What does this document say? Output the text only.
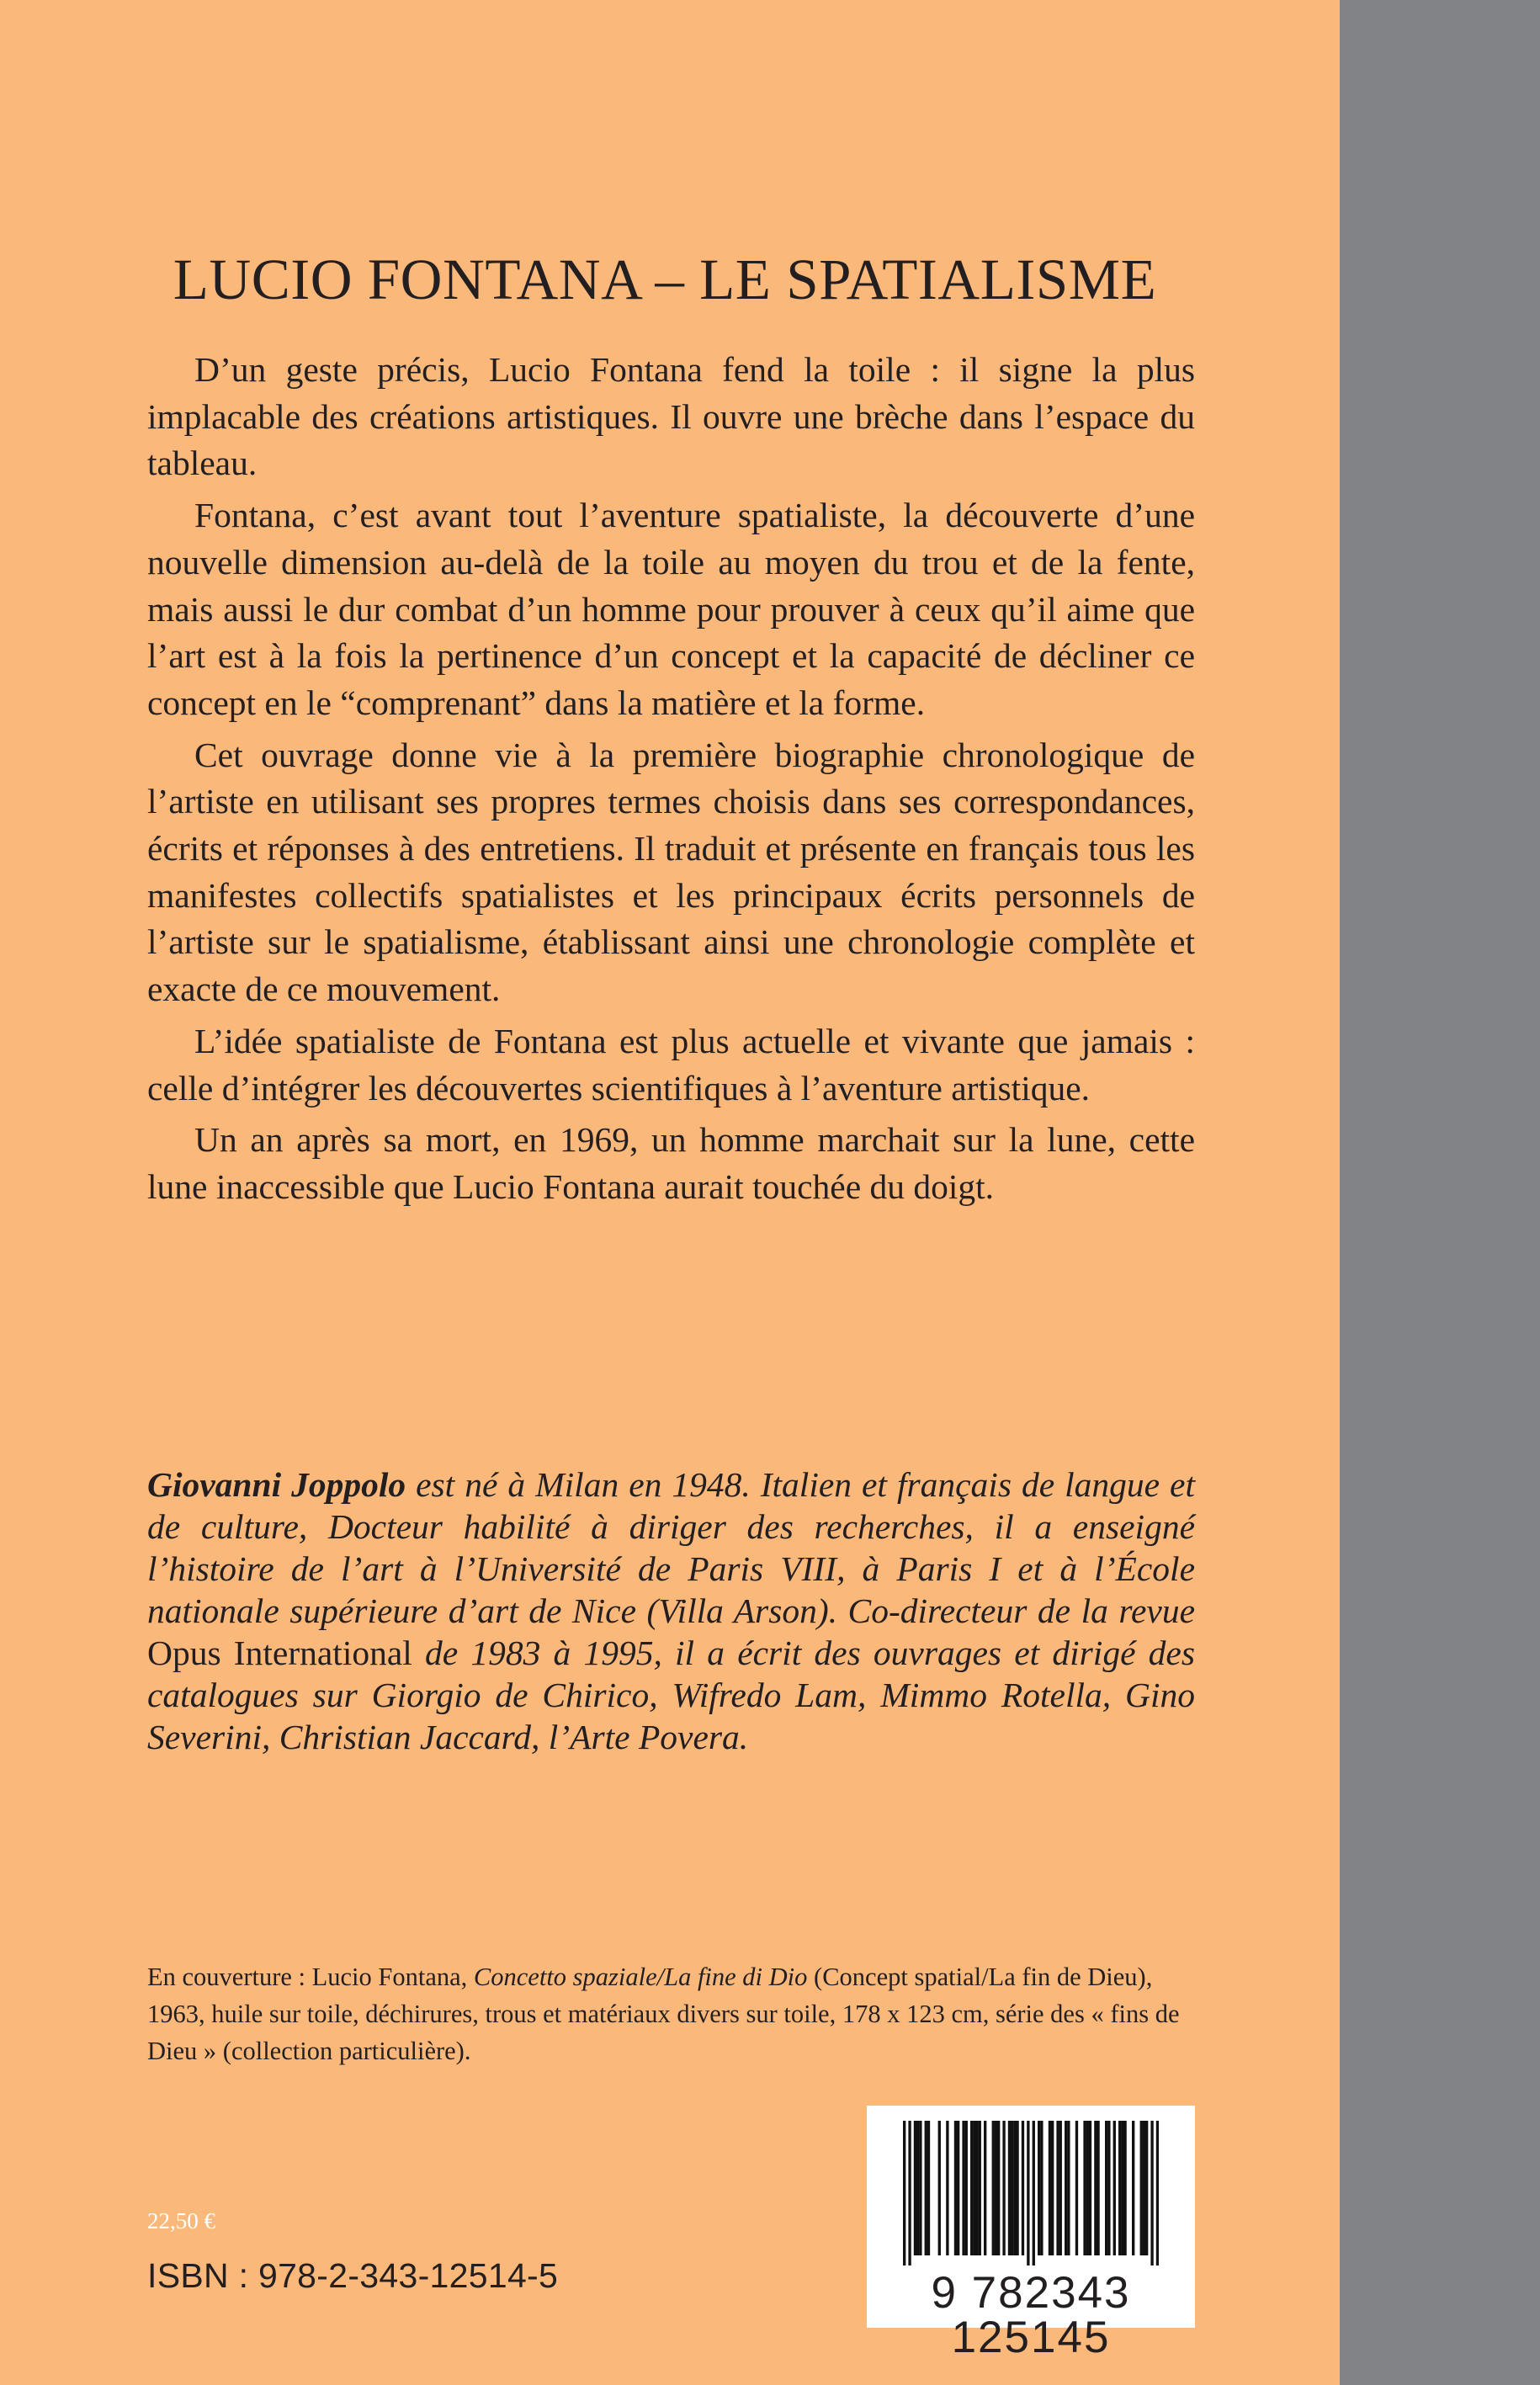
LUCIO FONTANA – LE SPATIALISME

D’un geste précis, Lucio Fontana fend la toile : il signe la plus implacable des créations artistiques. Il ouvre une brèche dans l’espace du tableau.

Fontana, c’est avant tout l’aventure spatialiste, la découverte d’une nouvelle dimension au-delà de la toile au moyen du trou et de la fente, mais aussi le dur combat d’un homme pour prouver à ceux qu’il aime que l’art est à la fois la pertinence d’un concept et la capacité de décliner ce concept en le “comprenant” dans la matière et la forme.

Cet ouvrage donne vie à la première biographie chronologique de l’artiste en utilisant ses propres termes choisis dans ses correspondances, écrits et réponses à des entretiens. Il traduit et présente en français tous les manifestes collectifs spatialistes et les principaux écrits personnels de l’artiste sur le spatialisme, établissant ainsi une chronologie complète et exacte de ce mouvement.

L’idée spatialiste de Fontana est plus actuelle et vivante que jamais : celle d’intégrer les découvertes scientifiques à l’aventure artistique.

Un an après sa mort, en 1969, un homme marchait sur la lune, cette lune inaccessible que Lucio Fontana aurait touchée du doigt.

Giovanni Joppolo est né à Milan en 1948. Italien et français de langue et de culture, Docteur habilité à diriger des recherches, il a enseigné l’histoire de l’art à l’Université de Paris VIII, à Paris I et à l’École nationale supérieure d’art de Nice (Villa Arson). Co-directeur de la revue Opus International de 1983 à 1995, il a écrit des ouvrages et dirigé des catalogues sur Giorgio de Chirico, Wifredo Lam, Mimmo Rotella, Gino Severini, Christian Jaccard, l’Arte Povera.

En couverture : Lucio Fontana, Concetto spaziale/La fine di Dio (Concept spatial/La fin de Dieu), 1963, huile sur toile, déchirures, trous et matériaux divers sur toile, 178 x 123 cm, série des « fins de Dieu » (collection particulière).

22,50 €
ISBN : 978-2-343-12514-5	9 782343 125145
